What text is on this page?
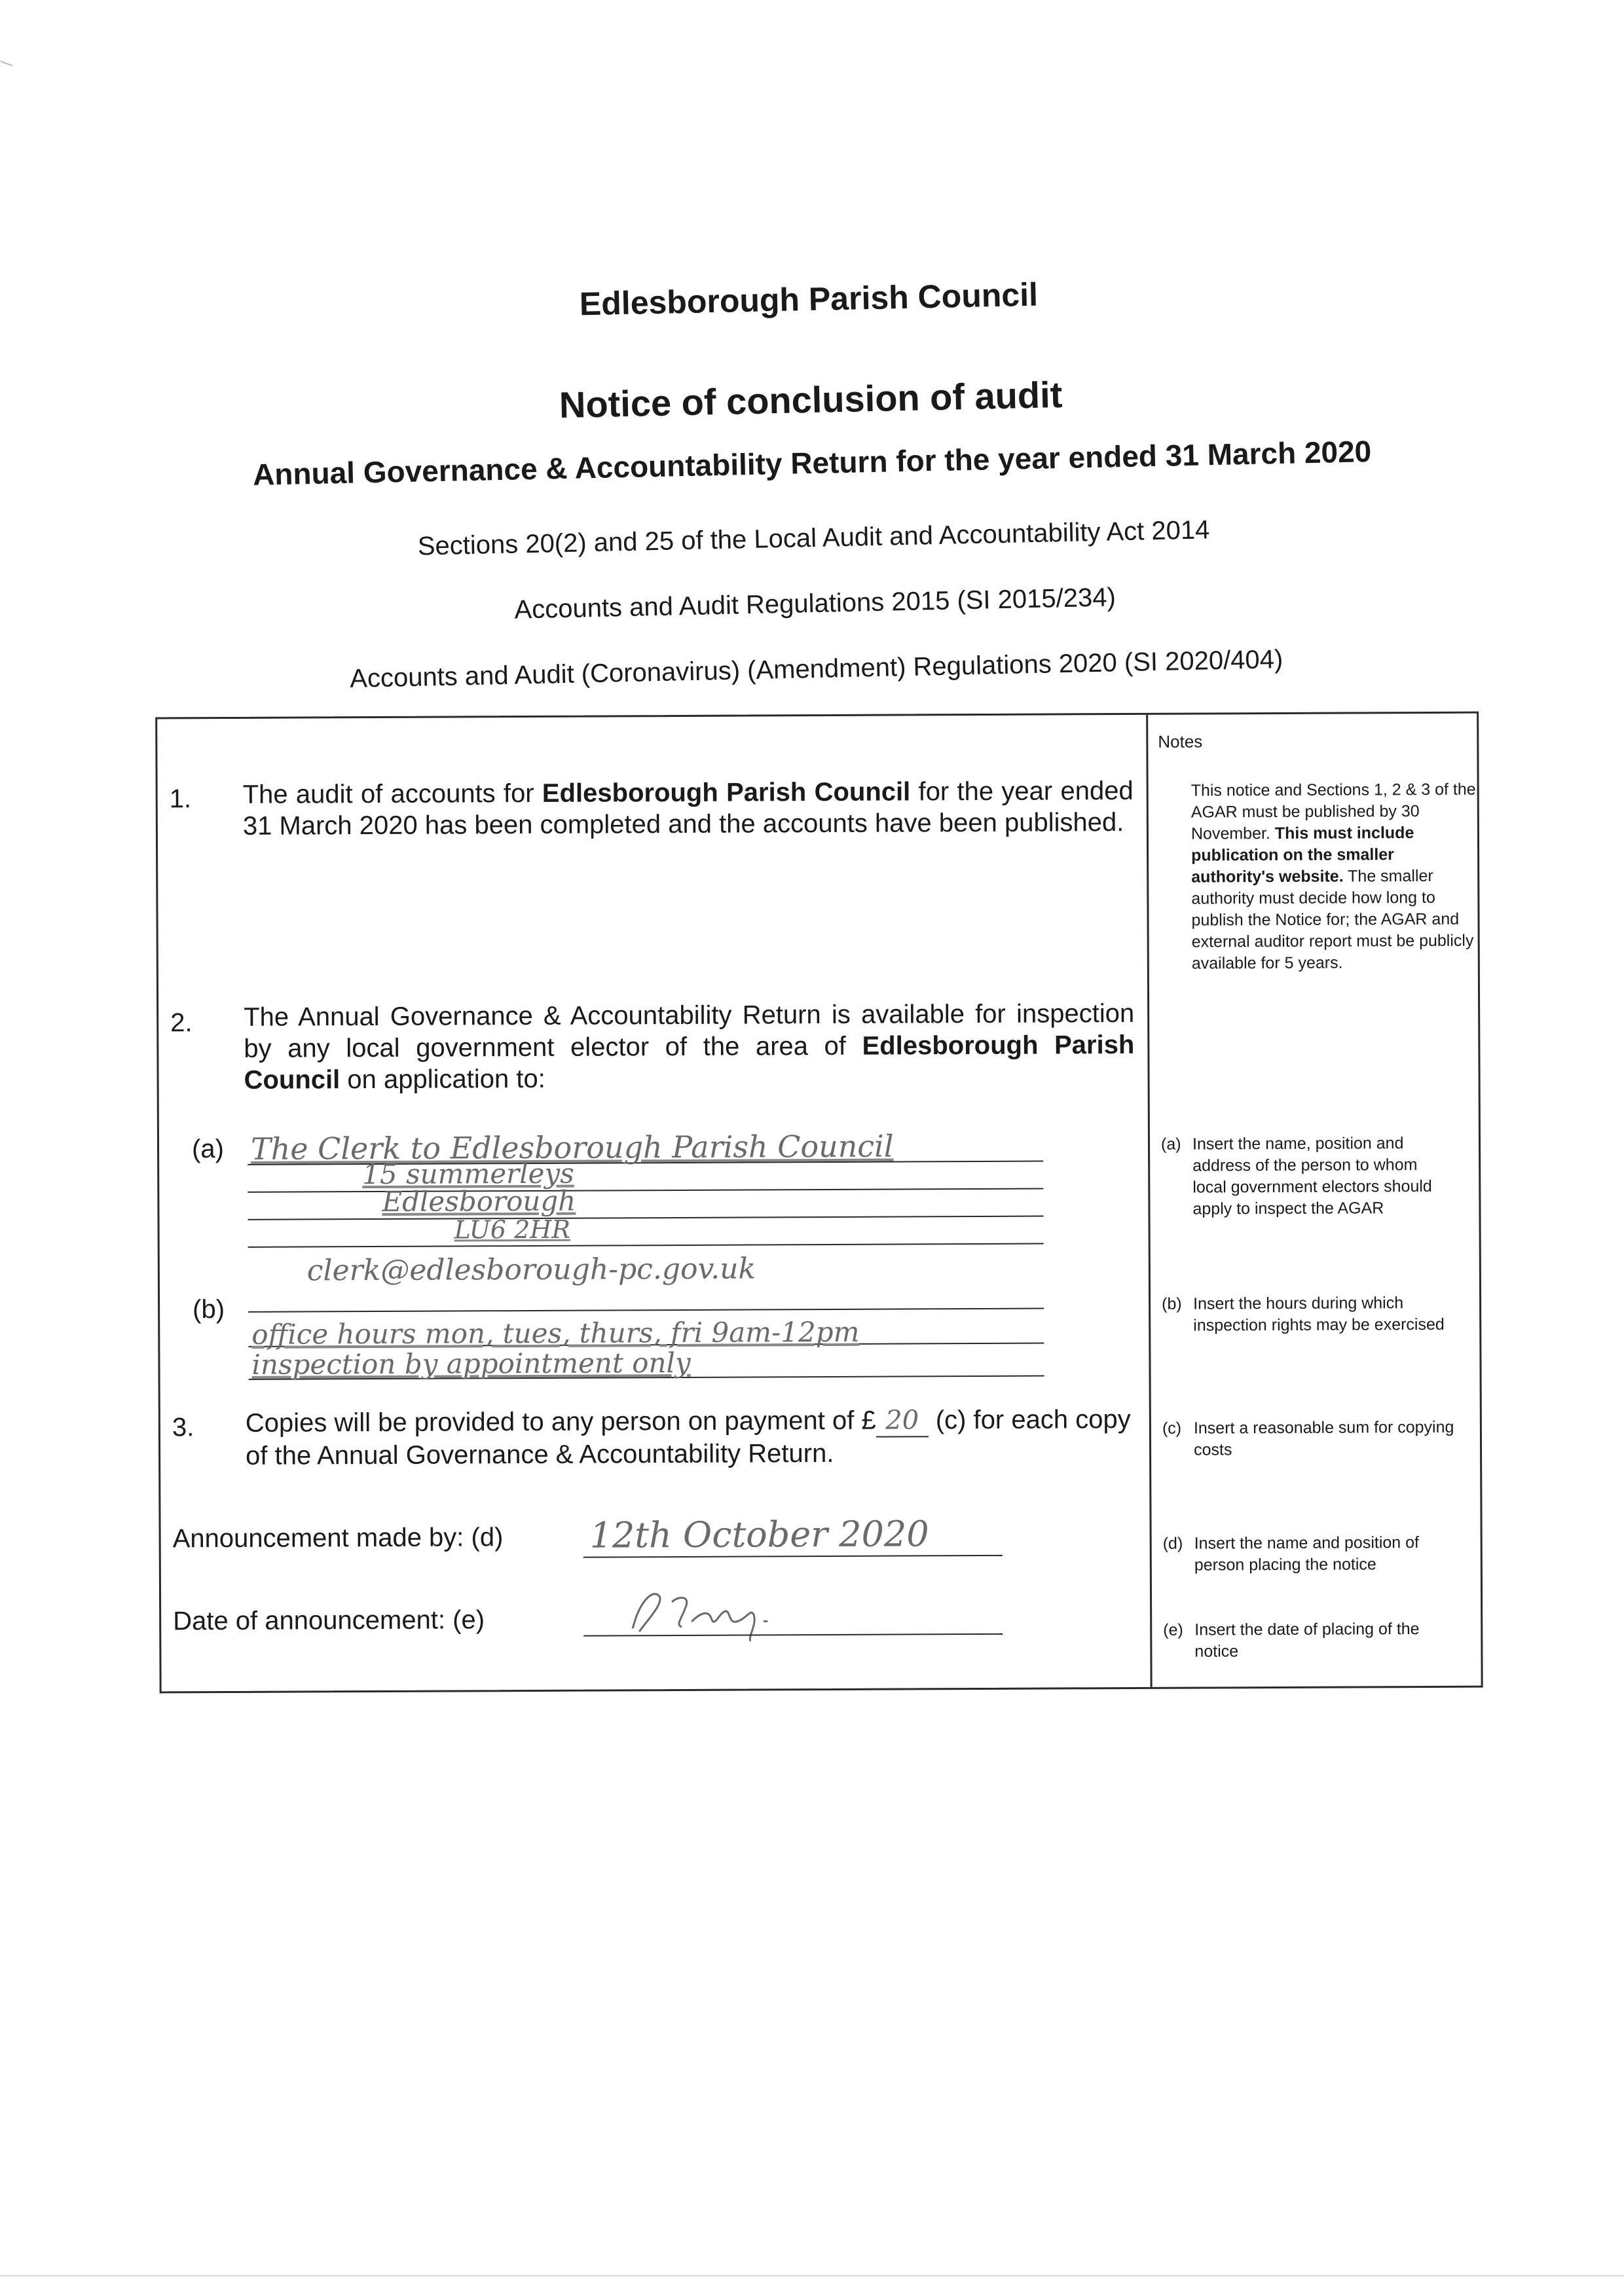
Edlesborough Parish Council
Notice of conclusion of audit
Annual Governance & Accountability Return for the year ended 31 March 2020
Sections 20(2) and 25 of the Local Audit and Accountability Act 2014
Accounts and Audit Regulations 2015 (SI 2015/234)
Accounts and Audit (Coronavirus) (Amendment) Regulations 2020 (SI 2020/404)
Notes
This notice and Sections 1, 2 & 3 of the AGAR must be published by 30 November. This must include publication on the smaller authority's website. The smaller authority must decide how long to publish the Notice for; the AGAR and external auditor report must be publicly available for 5 years.
(a) Insert the name, position and address of the person to whom local government electors should apply to inspect the AGAR
(b) Insert the hours during which inspection rights may be exercised
(c) Insert a reasonable sum for copying costs
(d) Insert the name and position of person placing the notice
(e) Insert the date of placing of the notice
1. The audit of accounts for Edlesborough Parish Council for the year ended 31 March 2020 has been completed and the accounts have been published.
2. The Annual Governance & Accountability Return is available for inspection by any local government elector of the area of Edlesborough Parish Council on application to:
(a) The Clerk to Edlesborough Parish Council
15 summerleys
Edlesborough
LU6 2HR
clerk@edlesborough-pc.gov.uk
(b)
office hours mon, tues, thurs, fri 9am-12pm
inspection by appointment only
3. Copies will be provided to any person on payment of £ 20 (c) for each copy of the Annual Governance & Accountability Return.
Announcement made by: (d) 12th October 2020
Date of announcement: (e)
